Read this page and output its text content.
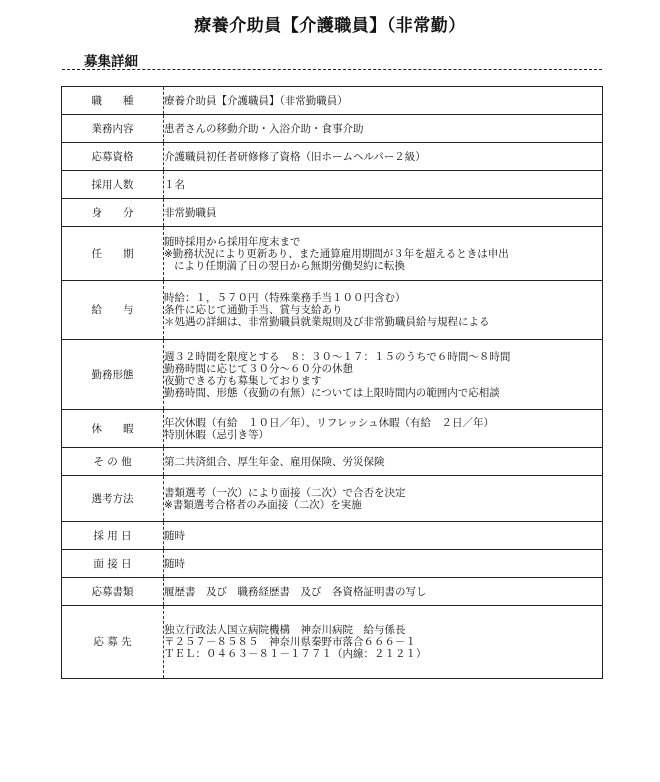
療養介助員【介護職員】（非常勤）
募集詳細
職　　種	療養介助員【介護職員】（非常勤職員）

業務内容	患者さんの移動介助・入浴介助・食事介助

応募資格	介護職員初任者研修修了資格（旧ホームヘルパー２級）

採用人数	１名

身　　分	非常勤職員

任　　期	随時採用から採用年度末まで
※勤務状況により更新あり、また通算雇用期間が３年を超えるときは申出
により任期満了日の翌日から無期労働契約に転換

給　　与	時給：１，５７０円（特殊業務手当１００円含む）
条件に応じて通勤手当、賞与支給あり
＊処遇の詳細は、非常勤職員就業規則及び非常勤職員給与規程による

勤務形態	週３２時間を限度とする　８：３０～１７：１５のうちで６時間～８時間
勤務時間に応じて３０分～６０分の休憩
夜勤できる方も募集しております
勤務時間、形態（夜勤の有無）については上限時間内の範囲内で応相談

休　　暇	年次休暇（有給　１０日／年）、リフレッシュ休暇（有給　２日／年）
特別休暇（忌引き等）

そ の 他	第二共済組合、厚生年金、雇用保険、労災保険

選考方法	書類選考（一次）により面接（二次）で合否を決定
※書類選考合格者のみ面接（二次）を実施

採 用 日	随時

面 接 日	随時

応募書類	履歴書　及び　職務経歴書　及び　各資格証明書の写し

応 募 先	独立行政法人国立病院機構　神奈川病院　給与係長
〒２５７－８５８５　神奈川県秦野市落合６６６－１
ＴＥＬ：０４６３－８１－１７７１（内線：２１２１）
